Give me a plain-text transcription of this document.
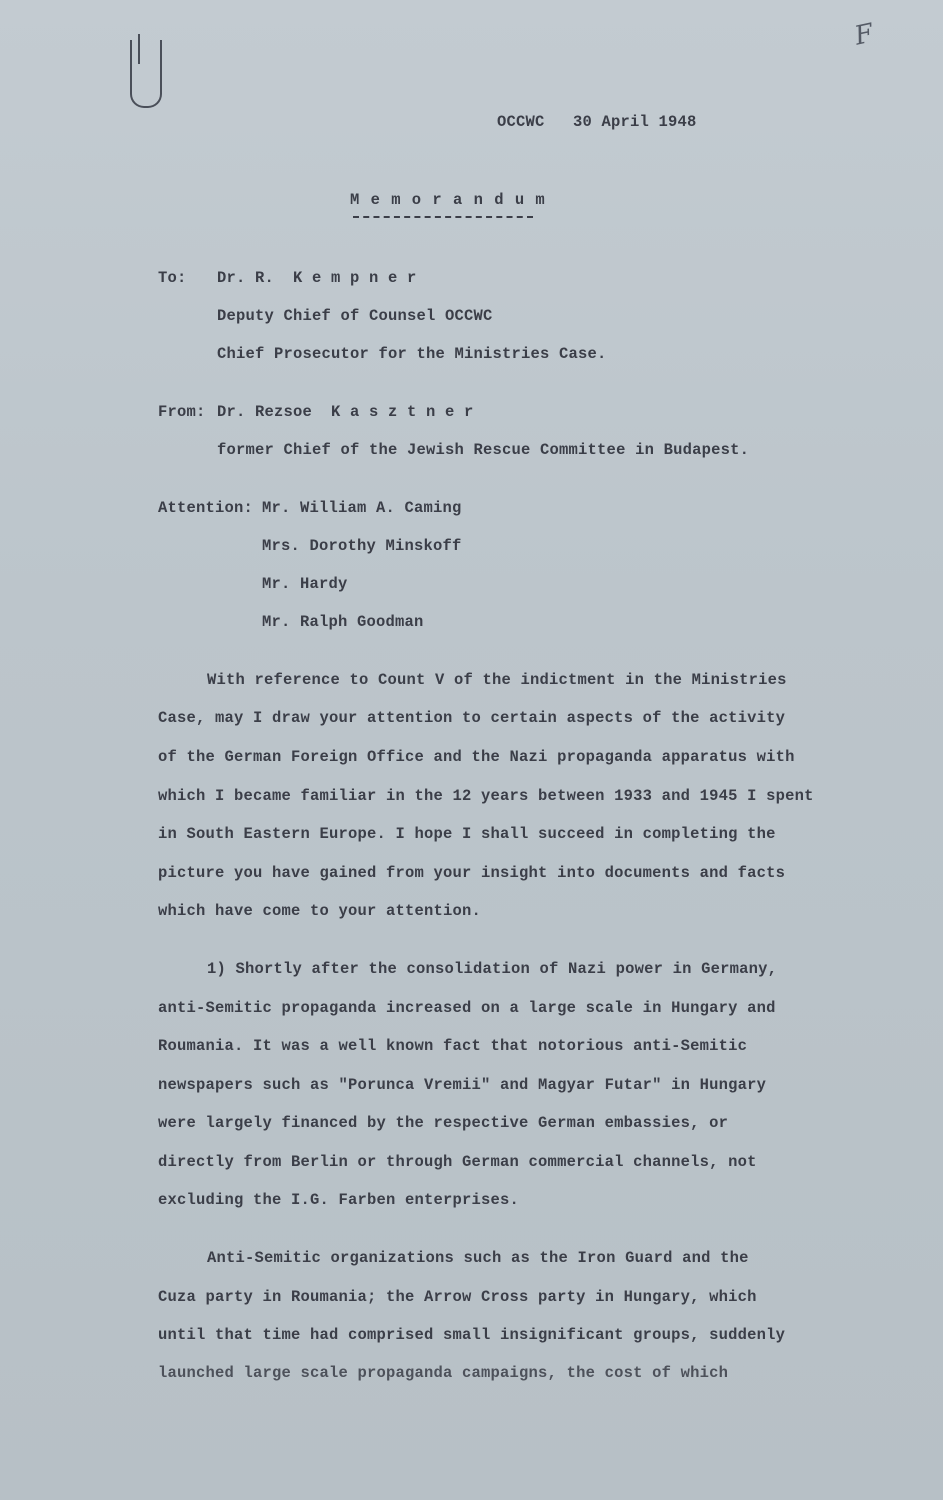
F
OCCWC   30 April 1948
M e m o r a n d u m
To: Dr. R.  K e m p n e r
Deputy Chief of Counsel OCCWC
Chief Prosecutor for the Ministries Case.
From: Dr. Rezsoe  K a s z t n e r
former Chief of the Jewish Rescue Committee in Budapest.
Attention: Mr. William A. Caming
Mrs. Dorothy Minskoff
Mr. Hardy
Mr. Ralph Goodman
With reference to Count V of the indictment in the Ministries
Case, may I draw your attention to certain aspects of the activity
of the German Foreign Office and the Nazi propaganda apparatus with
which I became familiar in the 12 years between 1933 and 1945 I spent
in South Eastern Europe. I hope I shall succeed in completing the
picture you have gained from your insight into documents and facts
which have come to your attention.
1) Shortly after the consolidation of Nazi power in Germany,
anti-Semitic propaganda increased on a large scale in Hungary and
Roumania. It was a well known fact that notorious anti-Semitic
newspapers such as "Porunca Vremii" and Magyar Futar" in Hungary
were largely financed by the respective German embassies, or
directly from Berlin or through German commercial channels, not
excluding the I.G. Farben enterprises.
Anti-Semitic organizations such as the Iron Guard and the
Cuza party in Roumania; the Arrow Cross party in Hungary, which
until that time had comprised small insignificant groups, suddenly
launched large scale propaganda campaigns, the cost of which
